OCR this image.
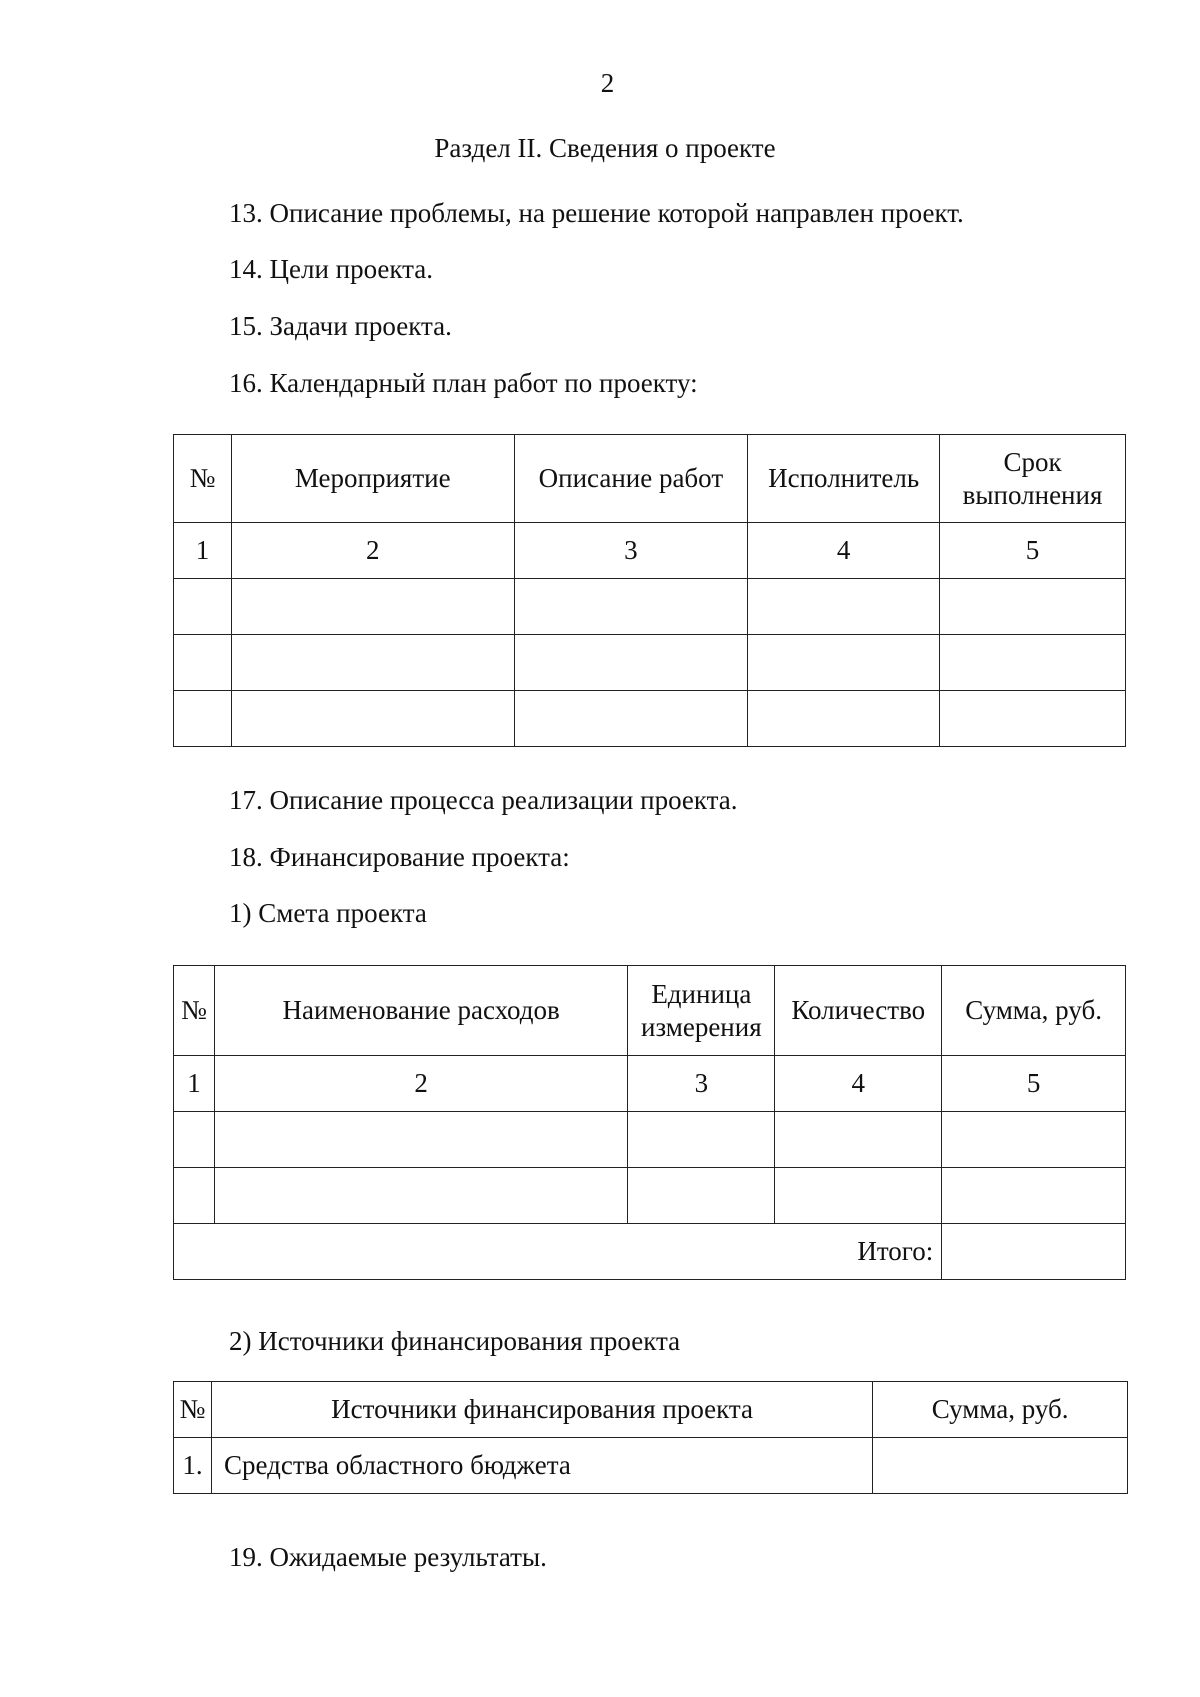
2
Раздел II. Сведения о проекте
13. Описание проблемы, на решение которой направлен проект.
14. Цели проекта.
15. Задачи проекта.
16. Календарный план работ по проекту:
№	Мероприятие	Описание работ	Исполнитель	Срок выполнения
1	2	3	4	5

17. Описание процесса реализации проекта.
18. Финансирование проекта:
1) Смета проекта
№	Наименование расходов	Единица измерения	Количество	Сумма, руб.
1	2	3	4	5

Итого:				
2) Источники финансирования проекта
№	Источники финансирования проекта	Сумма, руб.
1.	Средства областного бюджета	
19. Ожидаемые результаты.
